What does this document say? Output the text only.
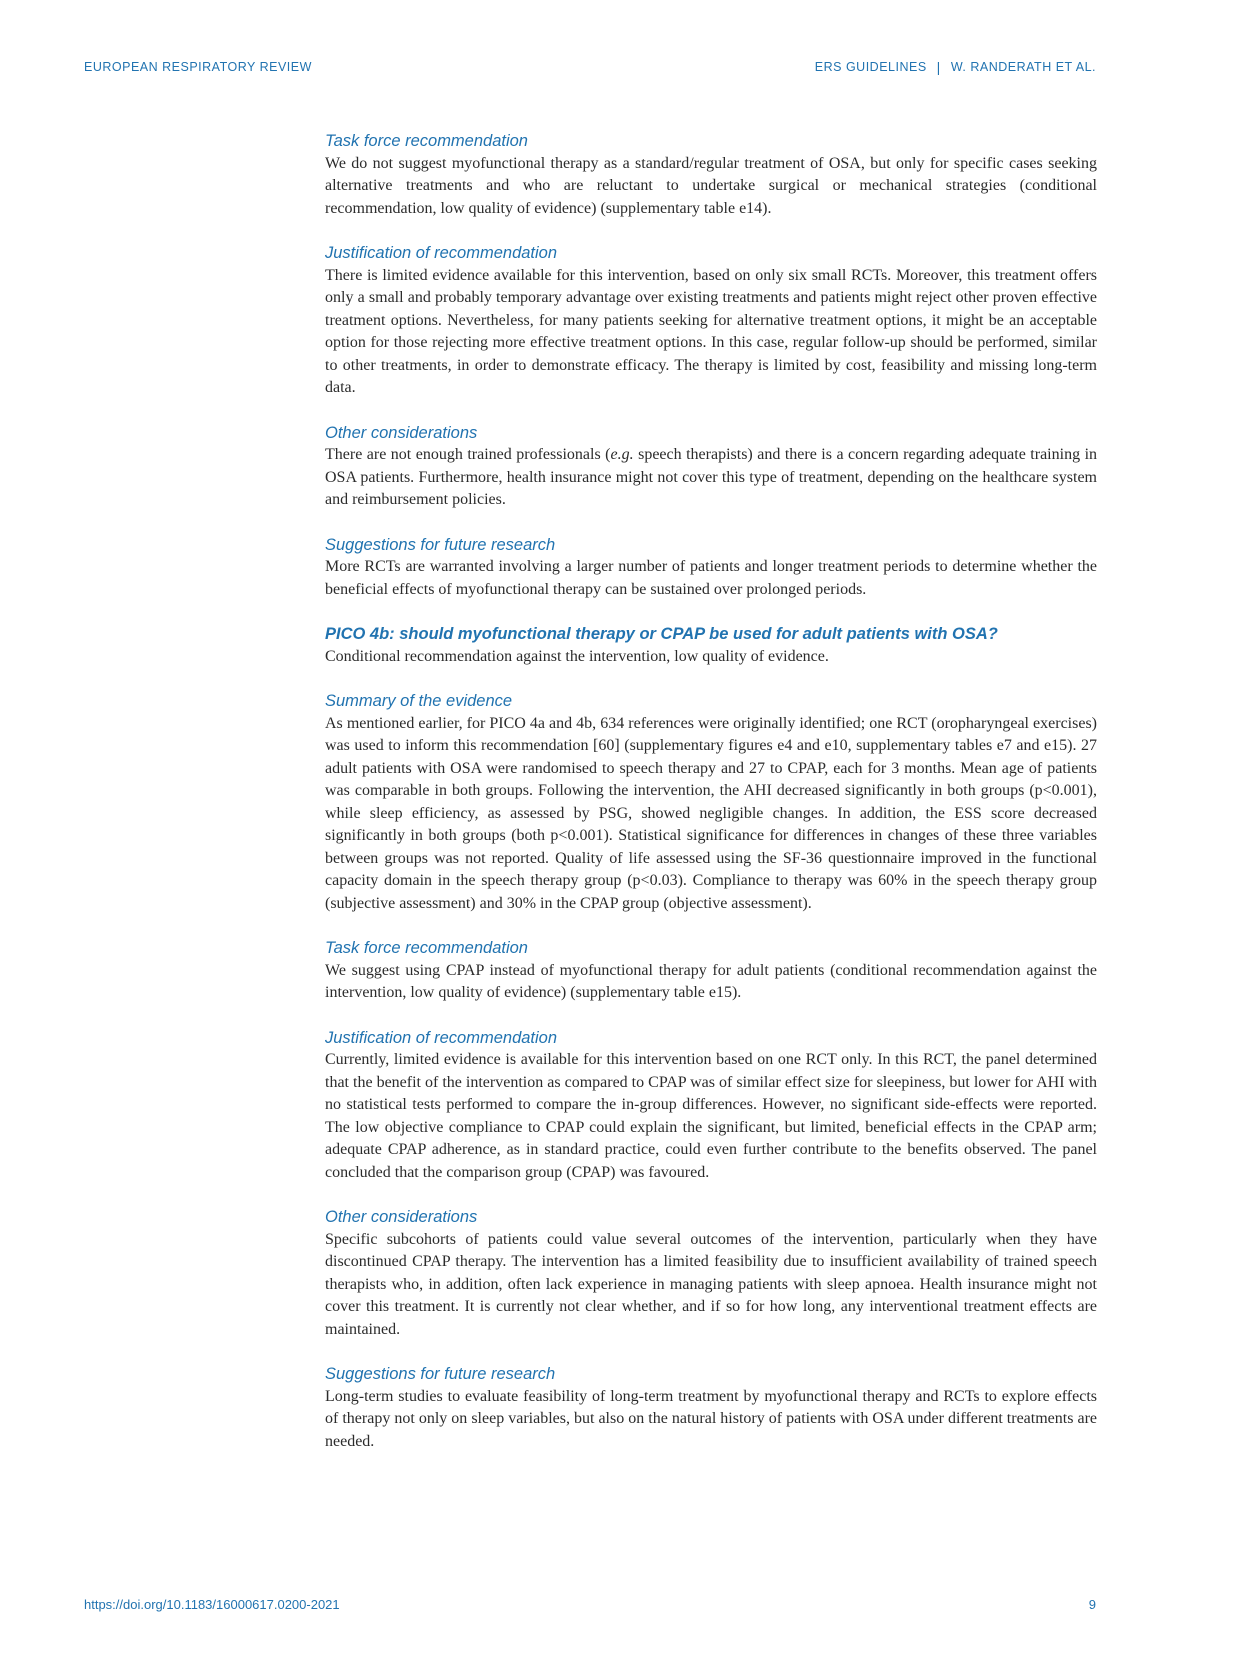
EUROPEAN RESPIRATORY REVIEW	ERS GUIDELINES | W. RANDERATH ET AL.
Task force recommendation

We do not suggest myofunctional therapy as a standard/regular treatment of OSA, but only for specific cases seeking alternative treatments and who are reluctant to undertake surgical or mechanical strategies (conditional recommendation, low quality of evidence) (supplementary table e14).

Justification of recommendation

There is limited evidence available for this intervention, based on only six small RCTs. Moreover, this treatment offers only a small and probably temporary advantage over existing treatments and patients might reject other proven effective treatment options. Nevertheless, for many patients seeking for alternative treatment options, it might be an acceptable option for those rejecting more effective treatment options. In this case, regular follow-up should be performed, similar to other treatments, in order to demonstrate efficacy. The therapy is limited by cost, feasibility and missing long-term data.

Other considerations

There are not enough trained professionals (e.g. speech therapists) and there is a concern regarding adequate training in OSA patients. Furthermore, health insurance might not cover this type of treatment, depending on the healthcare system and reimbursement policies.

Suggestions for future research

More RCTs are warranted involving a larger number of patients and longer treatment periods to determine whether the beneficial effects of myofunctional therapy can be sustained over prolonged periods.

PICO 4b: should myofunctional therapy or CPAP be used for adult patients with OSA?

Conditional recommendation against the intervention, low quality of evidence.

Summary of the evidence

As mentioned earlier, for PICO 4a and 4b, 634 references were originally identified; one RCT (oropharyngeal exercises) was used to inform this recommendation [60] (supplementary figures e4 and e10, supplementary tables e7 and e15). 27 adult patients with OSA were randomised to speech therapy and 27 to CPAP, each for 3 months. Mean age of patients was comparable in both groups. Following the intervention, the AHI decreased significantly in both groups (p<0.001), while sleep efficiency, as assessed by PSG, showed negligible changes. In addition, the ESS score decreased significantly in both groups (both p<0.001). Statistical significance for differences in changes of these three variables between groups was not reported. Quality of life assessed using the SF-36 questionnaire improved in the functional capacity domain in the speech therapy group (p<0.03). Compliance to therapy was 60% in the speech therapy group (subjective assessment) and 30% in the CPAP group (objective assessment).

Task force recommendation

We suggest using CPAP instead of myofunctional therapy for adult patients (conditional recommendation against the intervention, low quality of evidence) (supplementary table e15).

Justification of recommendation

Currently, limited evidence is available for this intervention based on one RCT only. In this RCT, the panel determined that the benefit of the intervention as compared to CPAP was of similar effect size for sleepiness, but lower for AHI with no statistical tests performed to compare the in-group differences. However, no significant side-effects were reported. The low objective compliance to CPAP could explain the significant, but limited, beneficial effects in the CPAP arm; adequate CPAP adherence, as in standard practice, could even further contribute to the benefits observed. The panel concluded that the comparison group (CPAP) was favoured.

Other considerations

Specific subcohorts of patients could value several outcomes of the intervention, particularly when they have discontinued CPAP therapy. The intervention has a limited feasibility due to insufficient availability of trained speech therapists who, in addition, often lack experience in managing patients with sleep apnoea. Health insurance might not cover this treatment. It is currently not clear whether, and if so for how long, any interventional treatment effects are maintained.

Suggestions for future research

Long-term studies to evaluate feasibility of long-term treatment by myofunctional therapy and RCTs to explore effects of therapy not only on sleep variables, but also on the natural history of patients with OSA under different treatments are needed.

https://doi.org/10.1183/16000617.0200-2021	9
